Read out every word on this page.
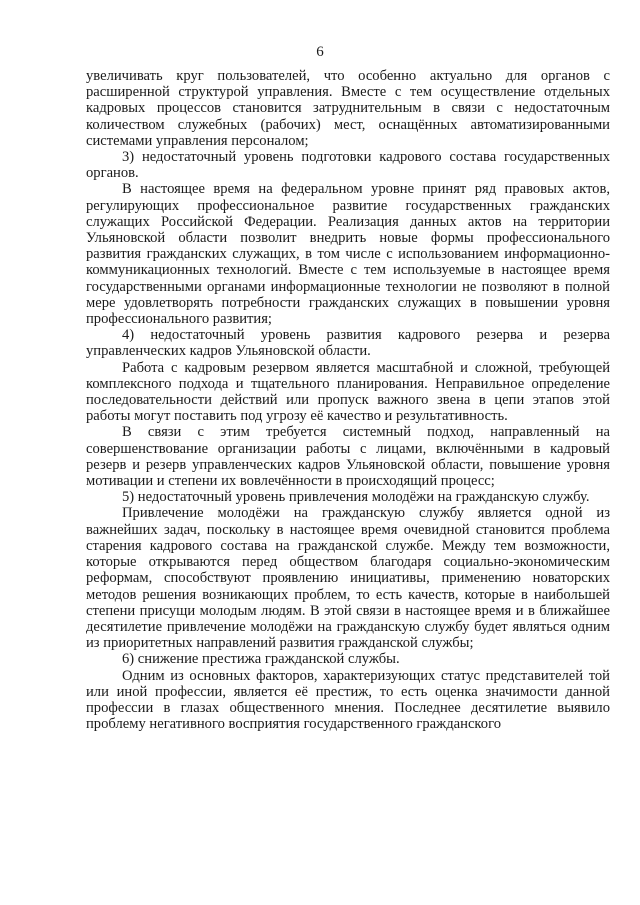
6

увеличивать круг пользователей, что особенно актуально для органов с расширенной структурой управления. Вместе с тем осуществление отдельных кадровых процессов становится затруднительным в связи с недостаточным количеством служебных (рабочих) мест, оснащённых автоматизированными системами управления персоналом;

3) недостаточный уровень подготовки кадрового состава государственных органов.

В настоящее время на федеральном уровне принят ряд правовых актов, регулирующих профессиональное развитие государственных гражданских служащих Российской Федерации. Реализация данных актов на территории Ульяновской области позволит внедрить новые формы профессионального развития гражданских служащих, в том числе с использованием информационно-коммуникационных технологий. Вместе с тем используемые в настоящее время государственными органами информационные технологии не позволяют в полной мере удовлетворять потребности гражданских служащих в повышении уровня профессионального развития;

4) недостаточный уровень развития кадрового резерва и резерва управленческих кадров Ульяновской области.

Работа с кадровым резервом является масштабной и сложной, требующей комплексного подхода и тщательного планирования. Неправильное определение последовательности действий или пропуск важного звена в цепи этапов этой работы могут поставить под угрозу её качество и результативность.

В связи с этим требуется системный подход, направленный на совершенствование организации работы с лицами, включёнными в кадровый резерв и резерв управленческих кадров Ульяновской области, повышение уровня мотивации и степени их вовлечённости в происходящий процесс;

5) недостаточный уровень привлечения молодёжи на гражданскую службу.

Привлечение молодёжи на гражданскую службу является одной из важнейших задач, поскольку в настоящее время очевидной становится проблема старения кадрового состава на гражданской службе. Между тем возможности, которые открываются перед обществом благодаря социально-экономическим реформам, способствуют проявлению инициативы, применению новаторских методов решения возникающих проблем, то есть качеств, которые в наибольшей степени присущи молодым людям. В этой связи в настоящее время и в ближайшее десятилетие привлечение молодёжи на гражданскую службу будет являться одним из приоритетных направлений развития гражданской службы;

6) снижение престижа гражданской службы.

Одним из основных факторов, характеризующих статус представителей той или иной профессии, является её престиж, то есть оценка значимости данной профессии в глазах общественного мнения. Последнее десятилетие выявило проблему негативного восприятия государственного гражданского
